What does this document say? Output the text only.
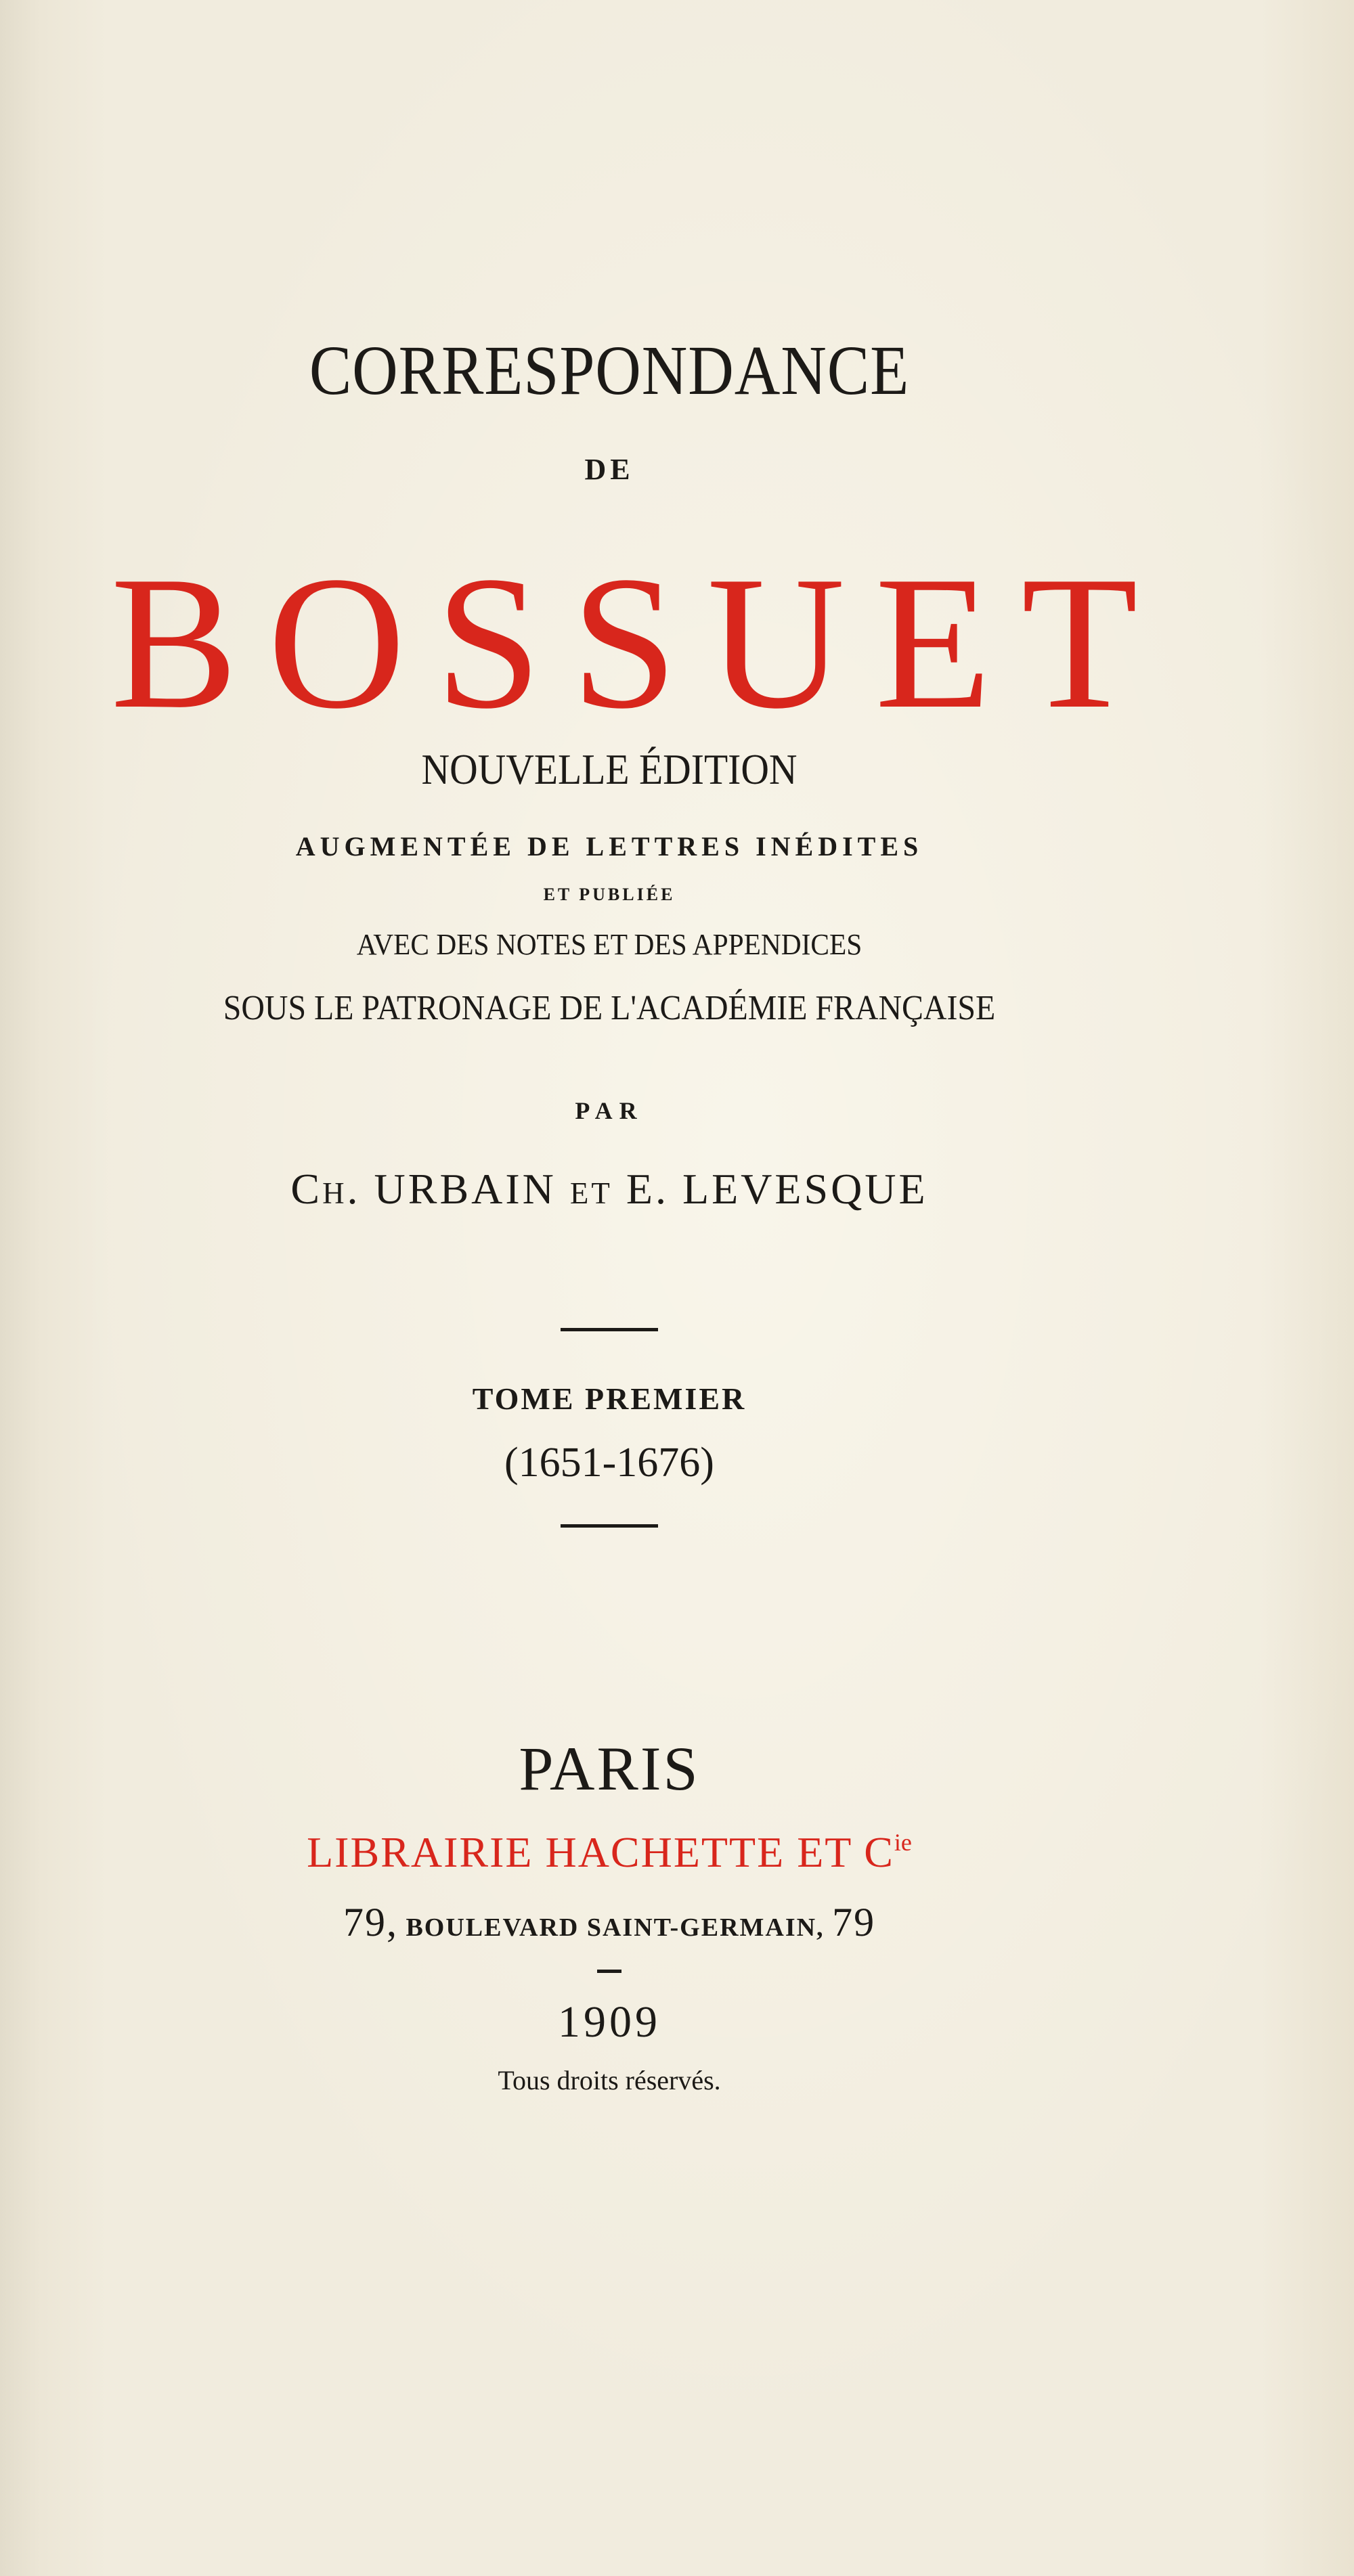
CORRESPONDANCE

DE

BOSSUET

NOUVELLE ÉDITION

AUGMENTÉE DE LETTRES INÉDITES

ET PUBLIÉE

AVEC DES NOTES ET DES APPENDICES

SOUS LE PATRONAGE DE L'ACADÉMIE FRANÇAISE

PAR

Ch. URBAIN et E. LEVESQUE

TOME PREMIER

(1651-1676)

PARIS

LIBRAIRIE HACHETTE ET $C^{ie}$

79, BOULEVARD SAINT-GERMAIN, 79

1909

Tous droits réservés.
